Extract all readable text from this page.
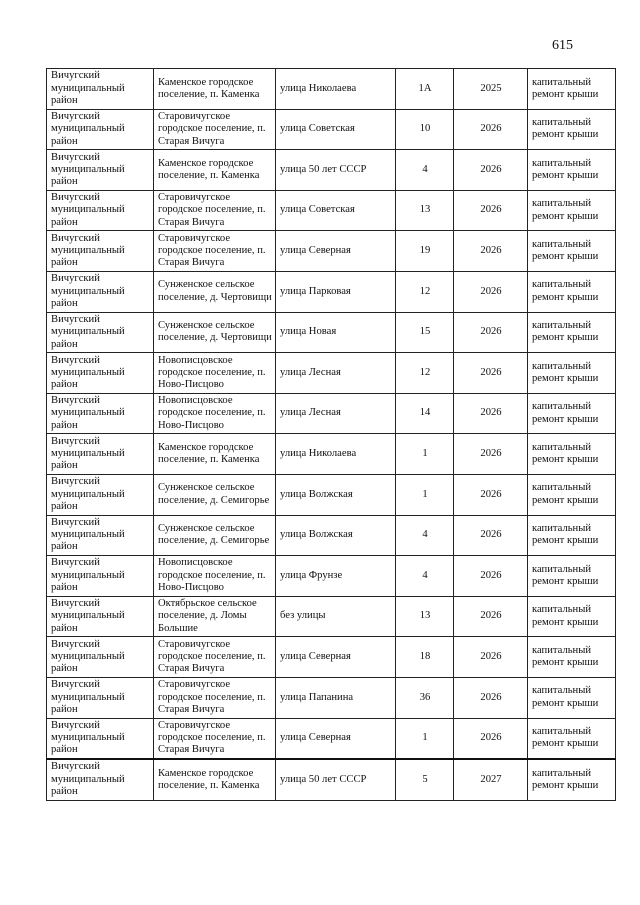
615
Вичугский муниципальный район	Каменское городское поселение, п. Каменка	улица Николаева	1А	2025	капитальный ремонт крыши
Вичугский муниципальный район	Старовичугское городское поселение, п. Старая Вичуга	улица Советская	10	2026	капитальный ремонт крыши
Вичугский муниципальный район	Каменское городское поселение, п. Каменка	улица 50 лет СССР	4	2026	капитальный ремонт крыши
Вичугский муниципальный район	Старовичугское городское поселение, п. Старая Вичуга	улица Советская	13	2026	капитальный ремонт крыши
Вичугский муниципальный район	Старовичугское городское поселение, п. Старая Вичуга	улица Северная	19	2026	капитальный ремонт крыши
Вичугский муниципальный район	Сунженское сельское поселение, д. Чертовищи	улица Парковая	12	2026	капитальный ремонт крыши
Вичугский муниципальный район	Сунженское сельское поселение, д. Чертовищи	улица Новая	15	2026	капитальный ремонт крыши
Вичугский муниципальный район	Новописцовское городское поселение, п. Ново-Писцово	улица Лесная	12	2026	капитальный ремонт крыши
Вичугский муниципальный район	Новописцовское городское поселение, п. Ново-Писцово	улица Лесная	14	2026	капитальный ремонт крыши
Вичугский муниципальный район	Каменское городское поселение, п. Каменка	улица Николаева	1	2026	капитальный ремонт крыши
Вичугский муниципальный район	Сунженское сельское поселение, д. Семигорье	улица Волжская	1	2026	капитальный ремонт крыши
Вичугский муниципальный район	Сунженское сельское поселение, д. Семигорье	улица Волжская	4	2026	капитальный ремонт крыши
Вичугский муниципальный район	Новописцовское городское поселение, п. Ново-Писцово	улица Фрунзе	4	2026	капитальный ремонт крыши
Вичугский муниципальный район	Октябрьское сельское поселение, д. Ломы Большие	без улицы	13	2026	капитальный ремонт крыши
Вичугский муниципальный район	Старовичугское городское поселение, п. Старая Вичуга	улица Северная	18	2026	капитальный ремонт крыши
Вичугский муниципальный район	Старовичугское городское поселение, п. Старая Вичуга	улица Папанина	36	2026	капитальный ремонт крыши
Вичугский муниципальный район	Старовичугское городское поселение, п. Старая Вичуга	улица Северная	1	2026	капитальный ремонт крыши
Вичугский муниципальный район	Каменское городское поселение, п. Каменка	улица 50 лет СССР	5	2027	капитальный ремонт крыши
